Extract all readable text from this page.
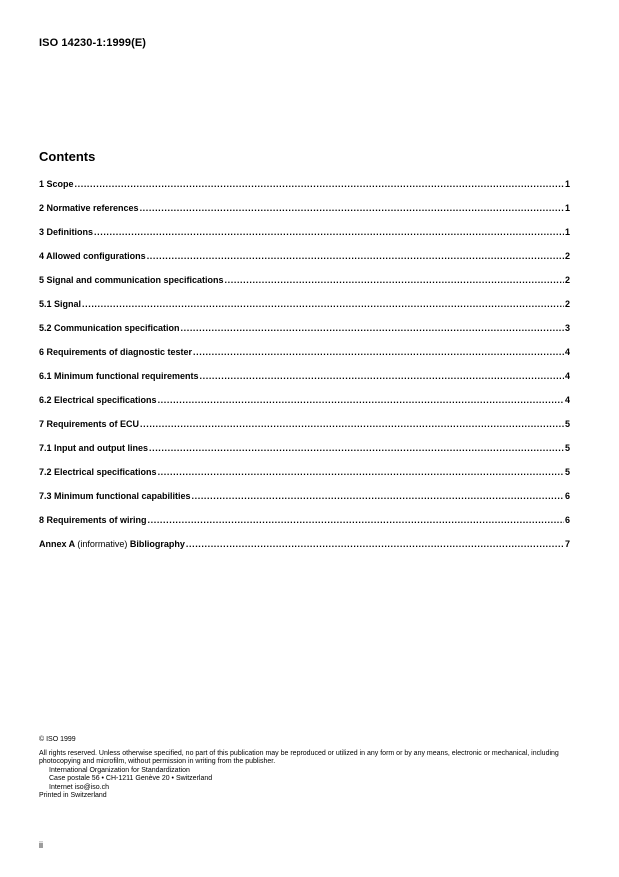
ISO 14230-1:1999(E)
Contents
1 Scope .....	1
2 Normative references .....	1
3 Definitions .....	1
4 Allowed configurations .....	2
5 Signal and communication specifications .....	2
5.1 Signal .....	2
5.2 Communication specification .....	3
6 Requirements of diagnostic tester .....	4
6.1 Minimum functional requirements .....	4
6.2 Electrical specifications .....	4
7 Requirements of ECU .....	5
7.1 Input and output lines .....	5
7.2 Electrical specifications .....	5
7.3 Minimum functional capabilities .....	6
8 Requirements of wiring .....	6
Annex A (informative) Bibliography .....	7

© ISO 1999

All rights reserved. Unless otherwise specified, no part of this publication may be reproduced or utilized in any form or by any means, electronic or mechanical, including photocopying and microfilm, without permission in writing from the publisher.

International Organization for Standardization

Case postale 56 • CH-1211 Genève 20 • Switzerland

Internet iso@iso.ch

Printed in Switzerland

ii
